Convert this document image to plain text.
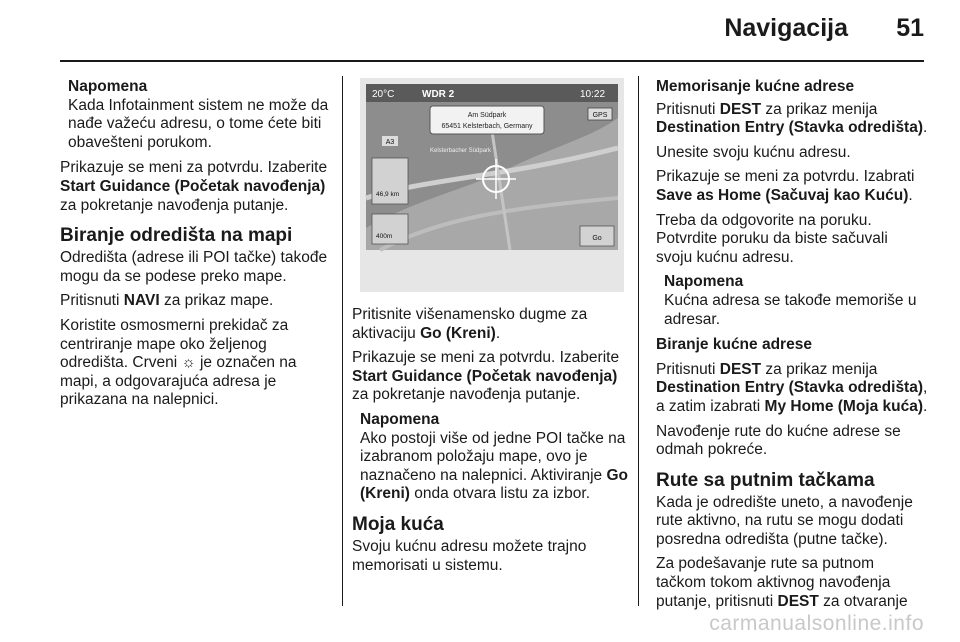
Navigacija 51
Napomena
Kada Infotainment sistem ne može da nađe važeću adresu, o tome ćete biti obavešteni porukom.

Prikazuje se meni za potvrdu. Izaberite Start Guidance (Početak navođenja) za pokretanje navođenja putanje.

Biranje odredišta na mapi

Odredišta (adrese ili POI tačke) takođe mogu da se podese preko mape.

Pritisnuti NAVI za prikaz mape.

Koristite osmosmerni prekidač za centriranje mape oko željenog odredišta. Crveni ☼ je označen na mapi, a odgovarajuća adresa je prikazana na nalepnici.

20°C	WDR 2	10:22
Am Südpark
65451 Kelsterbach, Germany
GPS
A3
Kelsterbacher Südpark
46,9 km
400m	Go

Pritisnite višenamensko dugme za aktivaciju Go (Kreni).

Prikazuje se meni za potvrdu. Izaberite Start Guidance (Početak navođenja) za pokretanje navođenja putanje.

Napomena
Ako postoji više od jedne POI tačke na izabranom položaju mape, ovo je naznačeno na nalepnici. Aktiviranje Go (Kreni) onda otvara listu za izbor.
Moja kuća

Svoju kućnu adresu možete trajno memorisati u sistemu.

Memorisanje kućne adrese

Pritisnuti DEST za prikaz menija Destination Entry (Stavka odredišta).

Unesite svoju kućnu adresu.

Prikazuje se meni za potvrdu. Izabrati Save as Home (Sačuvaj kao Kuću).

Treba da odgovorite na poruku. Potvrdite poruku da biste sačuvali svoju kućnu adresu.

Napomena
Kućna adresa se takođe memoriše u adresar.

Biranje kućne adrese

Pritisnuti DEST za prikaz menija Destination Entry (Stavka odredišta), a zatim izabrati My Home (Moja kuća).

Navođenje rute do kućne adrese se odmah pokreće.

Rute sa putnim tačkama

Kada je odredište uneto, a navođenje rute aktivno, na rutu se mogu dodati posredna odredišta (putne tačke).

Za podešavanje rute sa putnom tačkom tokom aktivnog navođenja putanje, pritisnuti DEST za otvaranje

carmanualsonline.info
